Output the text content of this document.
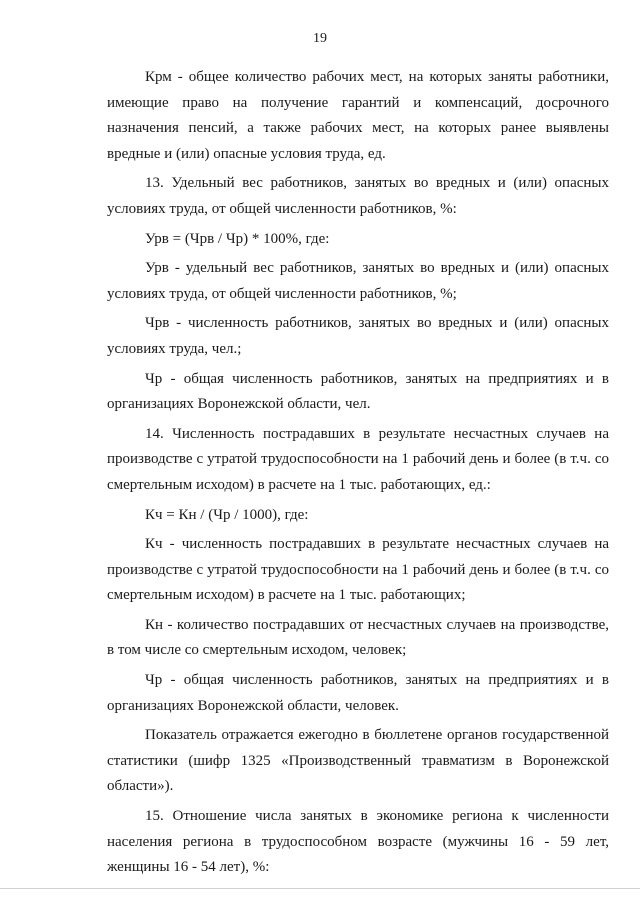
19

Крм - общее количество рабочих мест, на которых заняты работники, имеющие право на получение гарантий и компенсаций, досрочного назначения пенсий, а также рабочих мест, на которых ранее выявлены вредные и (или) опасные условия труда, ед.

13. Удельный вес работников, занятых во вредных и (или) опасных условиях труда, от общей численности работников, %:

Урв = (Чрв / Чр) * 100%, где:

Урв - удельный вес работников, занятых во вредных и (или) опасных условиях труда, от общей численности работников, %;

Чрв - численность работников, занятых во вредных и (или) опасных условиях труда, чел.;

Чр - общая численность работников, занятых на предприятиях и в организациях Воронежской области, чел.

14. Численность пострадавших в результате несчастных случаев на производстве с утратой трудоспособности на 1 рабочий день и более (в т.ч. со смертельным исходом) в расчете на 1 тыс. работающих, ед.:

Кч = Кн / (Чр / 1000), где:

Кч - численность пострадавших в результате несчастных случаев на производстве с утратой трудоспособности на 1 рабочий день и более (в т.ч. со смертельным исходом) в расчете на 1 тыс. работающих;

Кн - количество пострадавших от несчастных случаев на производстве, в том числе со смертельным исходом, человек;

Чр - общая численность работников, занятых на предприятиях и в организациях Воронежской области, человек.

Показатель отражается ежегодно в бюллетене органов государственной статистики (шифр 1325 «Производственный травматизм в Воронежской области»).

15. Отношение числа занятых в экономике региона к численности населения региона в трудоспособном возрасте (мужчины 16 - 59 лет, женщины 16 - 54 лет), %:
